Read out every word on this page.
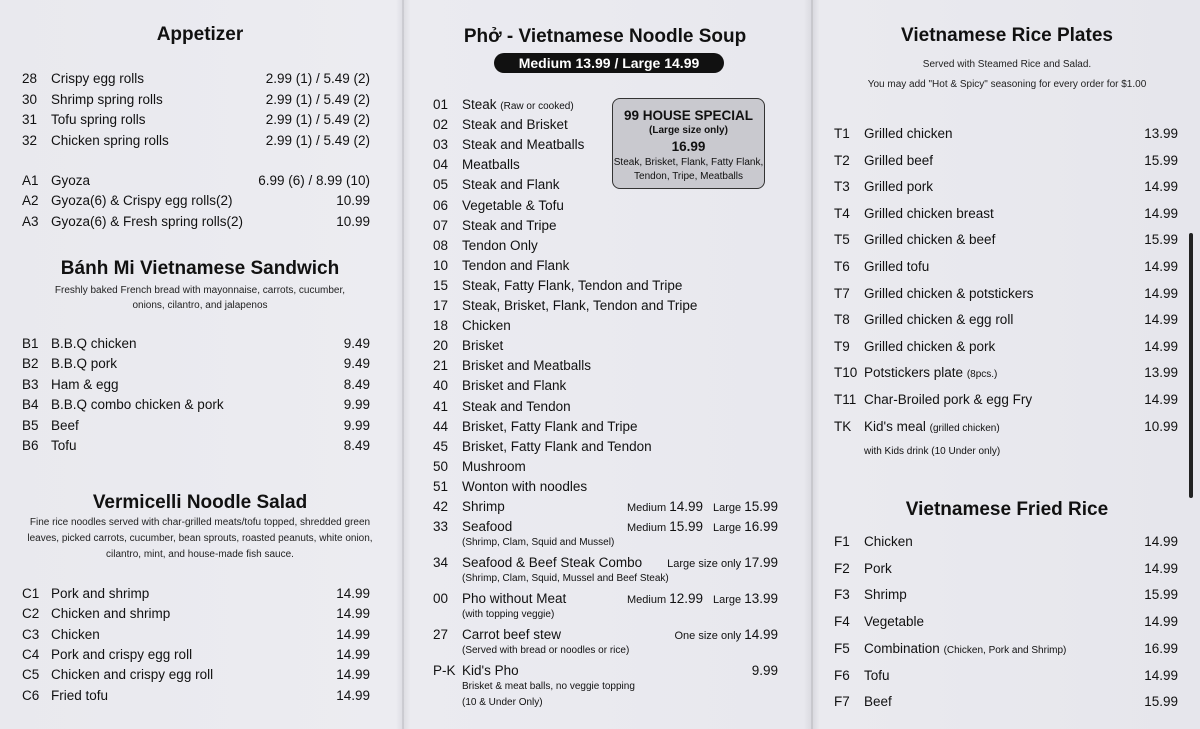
Appetizer
Bánh Mi Vietnamese Sandwich
Freshly baked French bread with mayonnaise, carrots, cucumber,
onions, cilantro, and jalapenos
Vermicelli Noodle Salad
Fine rice noodles served with char-grilled meats/tofu topped, shredded green
leaves, picked carrots, cucumber, bean sprouts, roasted peanuts, white onion,
cilantro, mint, and house-made fish sauce.
Phở - Vietnamese Noodle Soup
Medium 13.99 / Large 14.99
99 HOUSE SPECIAL
(Large size only)
16.99
Steak, Brisket, Flank, Fatty Flank,
Tendon, Tripe, Meatballs
Vietnamese Rice Plates
Served with Steamed Rice and Salad.
You may add "Hot & Spicy" seasoning for every order for $1.00
Vietnamese Fried Rice
28 Crispy egg rolls	2.99 (1) / 5.49 (2)
30 Shrimp spring rolls	2.99 (1) / 5.49 (2)
31 Tofu spring rolls	2.99 (1) / 5.49 (2)
32 Chicken spring rolls	2.99 (1) / 5.49 (2)
A1 Gyoza	6.99 (6) / 8.99 (10)
A2 Gyoza(6) & Crispy egg rolls(2)	10.99
A3 Gyoza(6) & Fresh spring rolls(2)	10.99
B1 B.B.Q chicken	9.49
B2 B.B.Q pork	9.49
B3 Ham & egg	8.49
B4 B.B.Q combo chicken & pork	9.99
B5 Beef	9.99
B6 Tofu	8.49
C1 Pork and shrimp	14.99
C2 Chicken and shrimp	14.99
C3 Chicken	14.99
C4 Pork and crispy egg roll	14.99
C5 Chicken and crispy egg roll	14.99
C6 Fried tofu	14.99
01 Steak (Raw or cooked)
02 Steak and Brisket
03 Steak and Meatballs
04 Meatballs
05 Steak and Flank
06 Vegetable & Tofu
07 Steak and Tripe
08 Tendon Only
10 Tendon and Flank
15 Steak, Fatty Flank, Tendon and Tripe
17 Steak, Brisket, Flank, Tendon and Tripe
18 Chicken
20 Brisket
21 Brisket and Meatballs
40 Brisket and Flank
41 Steak and Tendon
44 Brisket, Fatty Flank and Tripe
45 Brisket, Fatty Flank and Tendon
50 Mushroom
51 Wonton with noodles
42 Shrimp	Medium 14.99 Large 15.99
33 Seafood	Medium 15.99 Large 16.99
(Shrimp, Clam, Squid and Mussel)
34 Seafood & Beef Steak Combo	Large size only 17.99
(Shrimp, Clam, Squid, Mussel and Beef Steak)
00 Pho without Meat	Medium 12.99 Large 13.99
(with topping veggie)
27 Carrot beef stew	One size only 14.99
(Served with bread or noodles or rice)
P-K Kid's Pho	9.99
Brisket & meat balls, no veggie topping
(10 & Under Only)
T1 Grilled chicken	13.99
T2 Grilled beef	15.99
T3 Grilled pork	14.99
T4 Grilled chicken breast	14.99
T5 Grilled chicken & beef	15.99
T6 Grilled tofu	14.99
T7 Grilled chicken & potstickers	14.99
T8 Grilled chicken & egg roll	14.99
T9 Grilled chicken & pork	14.99
T10 Potstickers plate (8pcs.)	13.99
T11 Char-Broiled pork & egg Fry	14.99
TK Kid's meal (grilled chicken)	10.99
with Kids drink (10 Under only)
F1 Chicken	14.99
F2 Pork	14.99
F3 Shrimp	15.99
F4 Vegetable	14.99
F5 Combination (Chicken, Pork and Shrimp)	16.99
F6 Tofu	14.99
F7 Beef	15.99
